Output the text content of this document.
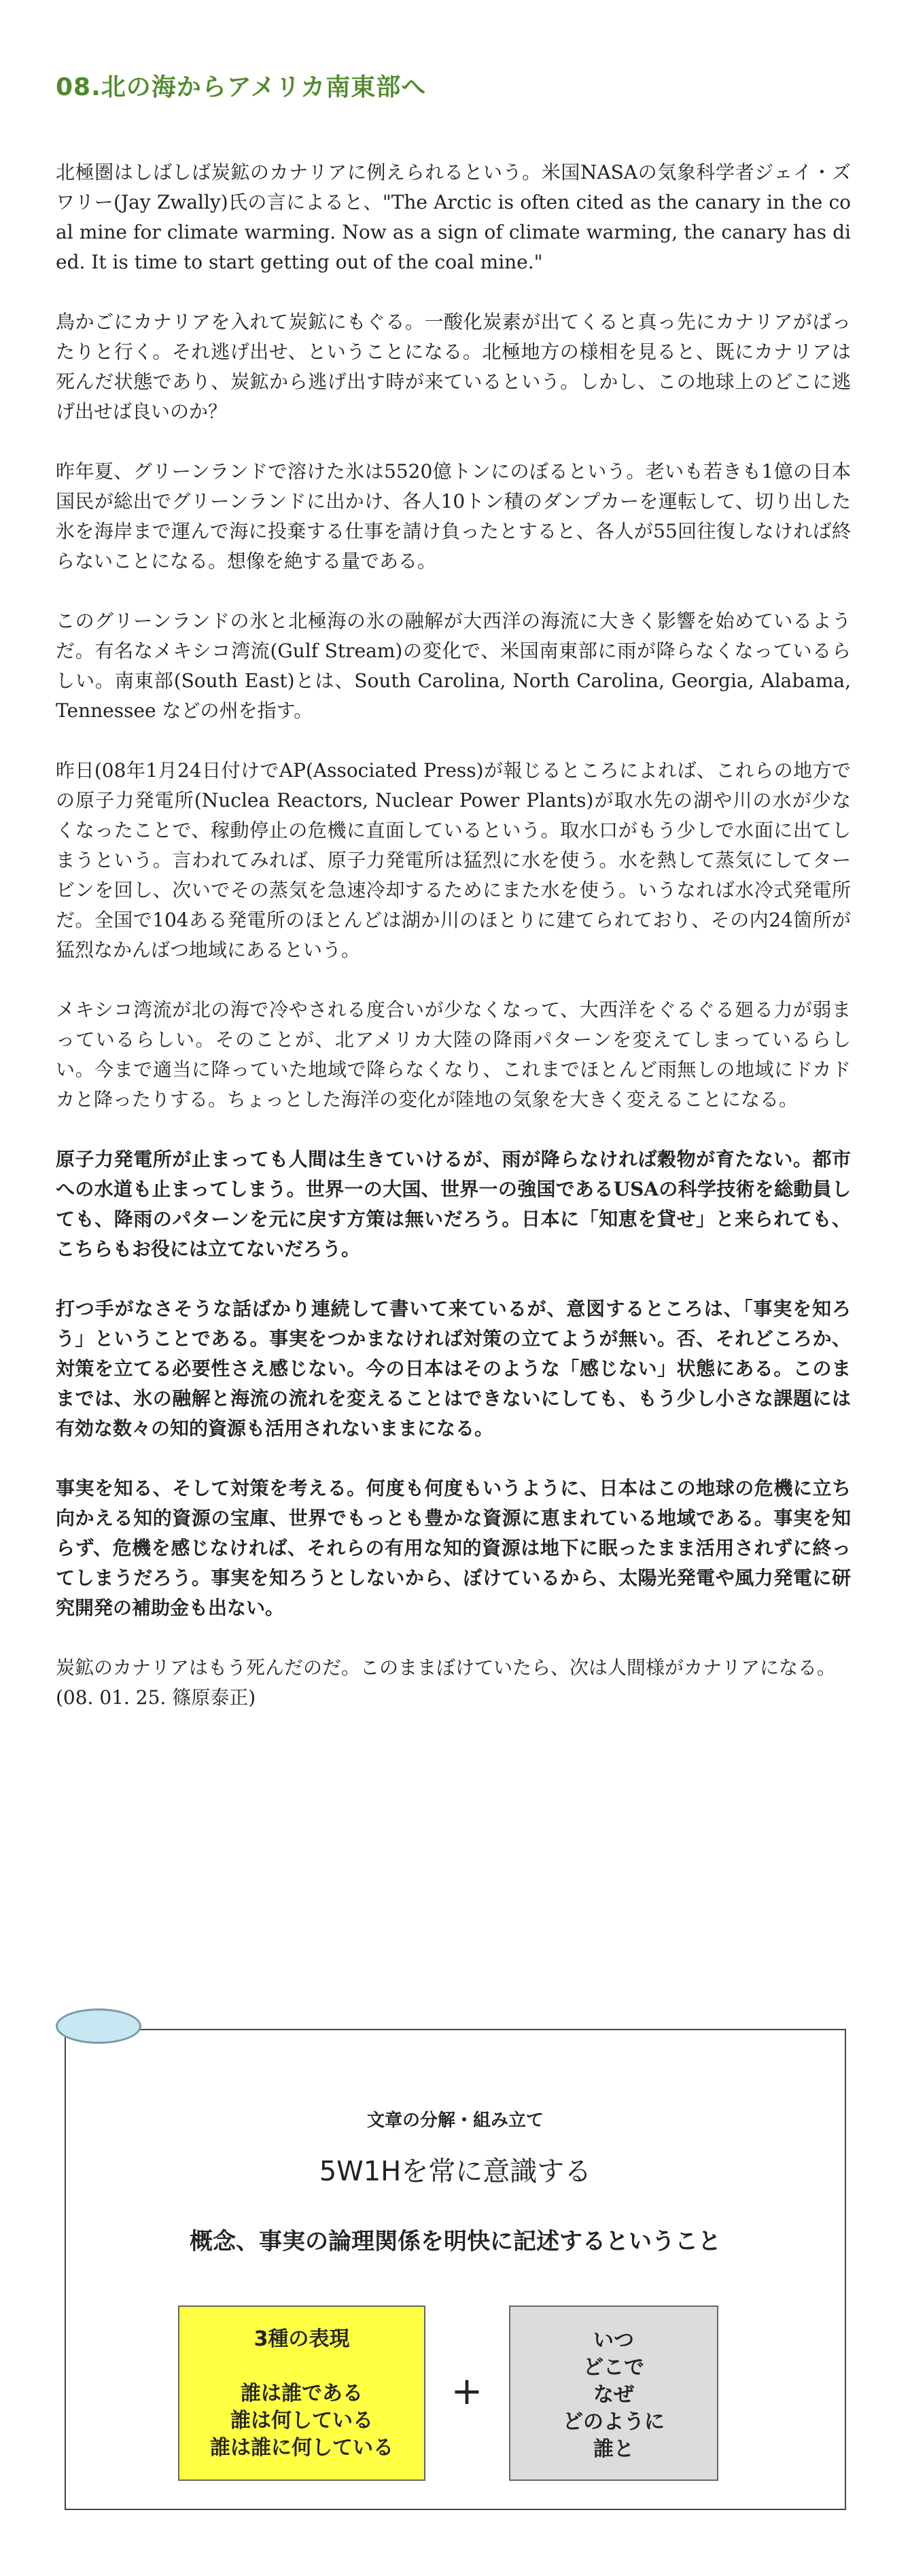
08.北の海からアメリカ南東部へ

北極圏はしばしば炭鉱のカナリアに例えられるという。米国NASAの気象科学者ジェイ・ズワリー(Jay Zwally)氏の言によると、"The Arctic is often cited as the canary in the coal mine for climate warming. Now as a sign of climate warming, the canary has died. It is time to start getting out of the coal mine."

鳥かごにカナリアを入れて炭鉱にもぐる。一酸化炭素が出てくると真っ先にカナリアがばったりと行く。それ逃げ出せ、ということになる。北極地方の様相を見ると、既にカナリアは死んだ状態であり、炭鉱から逃げ出す時が来ているという。しかし、この地球上のどこに逃げ出せば良いのか？

昨年夏、グリーンランドで溶けた氷は5520億トンにのぼるという。老いも若きも1億の日本国民が総出でグリーンランドに出かけ、各人10トン積のダンプカーを運転して、切り出した氷を海岸まで運んで海に投棄する仕事を請け負ったとすると、各人が55回往復しなければ終らないことになる。想像を絶する量である。

このグリーンランドの氷と北極海の氷の融解が大西洋の海流に大きく影響を始めているようだ。有名なメキシコ湾流(Gulf Stream)の変化で、米国南東部に雨が降らなくなっているらしい。南東部(South East)とは、South Carolina, North Carolina, Georgia, Alabama, Tennessee などの州を指す。

昨日(08年1月24日付けでAP(Associated Press)が報じるところによれば、これらの地方での原子力発電所(Nuclea Reactors, Nuclear Power Plants)が取水先の湖や川の水が少なくなったことで、稼動停止の危機に直面しているという。取水口がもう少しで水面に出てしまうという。言われてみれば、原子力発電所は猛烈に水を使う。水を熱して蒸気にしてタービンを回し、次いでその蒸気を急速冷却するためにまた水を使う。いうなれば水冷式発電所だ。全国で104ある発電所のほとんどは湖か川のほとりに建てられており、その内24箇所が猛烈なかんばつ地域にあるという。

メキシコ湾流が北の海で冷やされる度合いが少なくなって、大西洋をぐるぐる廻る力が弱まっているらしい。そのことが、北アメリカ大陸の降雨パターンを変えてしまっているらしい。今まで適当に降っていた地域で降らなくなり、これまでほとんど雨無しの地域にドカドカと降ったりする。ちょっとした海洋の変化が陸地の気象を大きく変えることになる。

原子力発電所が止まっても人間は生きていけるが、雨が降らなければ穀物が育たない。都市への水道も止まってしまう。世界一の大国、世界一の強国であるUSAの科学技術を総動員しても、降雨のパターンを元に戻す方策は無いだろう。日本に「知恵を貸せ」と来られても、こちらもお役には立てないだろう。

打つ手がなさそうな話ばかり連続して書いて来ているが、意図するところは、「事実を知ろう」ということである。事実をつかまなければ対策の立てようが無い。否、それどころか、対策を立てる必要性さえ感じない。今の日本はそのような「感じない」状態にある。このままでは、氷の融解と海流の流れを変えることはできないにしても、もう少し小さな課題には有効な数々の知的資源も活用されないままになる。

事実を知る、そして対策を考える。何度も何度もいうように、日本はこの地球の危機に立ち向かえる知的資源の宝庫、世界でもっとも豊かな資源に恵まれている地域である。事実を知らず、危機を感じなければ、それらの有用な知的資源は地下に眠ったまま活用されずに終ってしまうだろう。事実を知ろうとしないから、ぼけているから、太陽光発電や風力発電に研究開発の補助金も出ない。

炭鉱のカナリアはもう死んだのだ。このままぼけていたら、次は人間様がカナリアになる。

(08. 01. 25. 篠原泰正)
文章の分解・組み立て
5W1Hを常に意識する
概念、事実の論理関係を明快に記述するということ
3種の表現
誰は誰である
誰は何している
誰は誰に何している
+
いつ
どこで
なぜ
どのように
誰と
